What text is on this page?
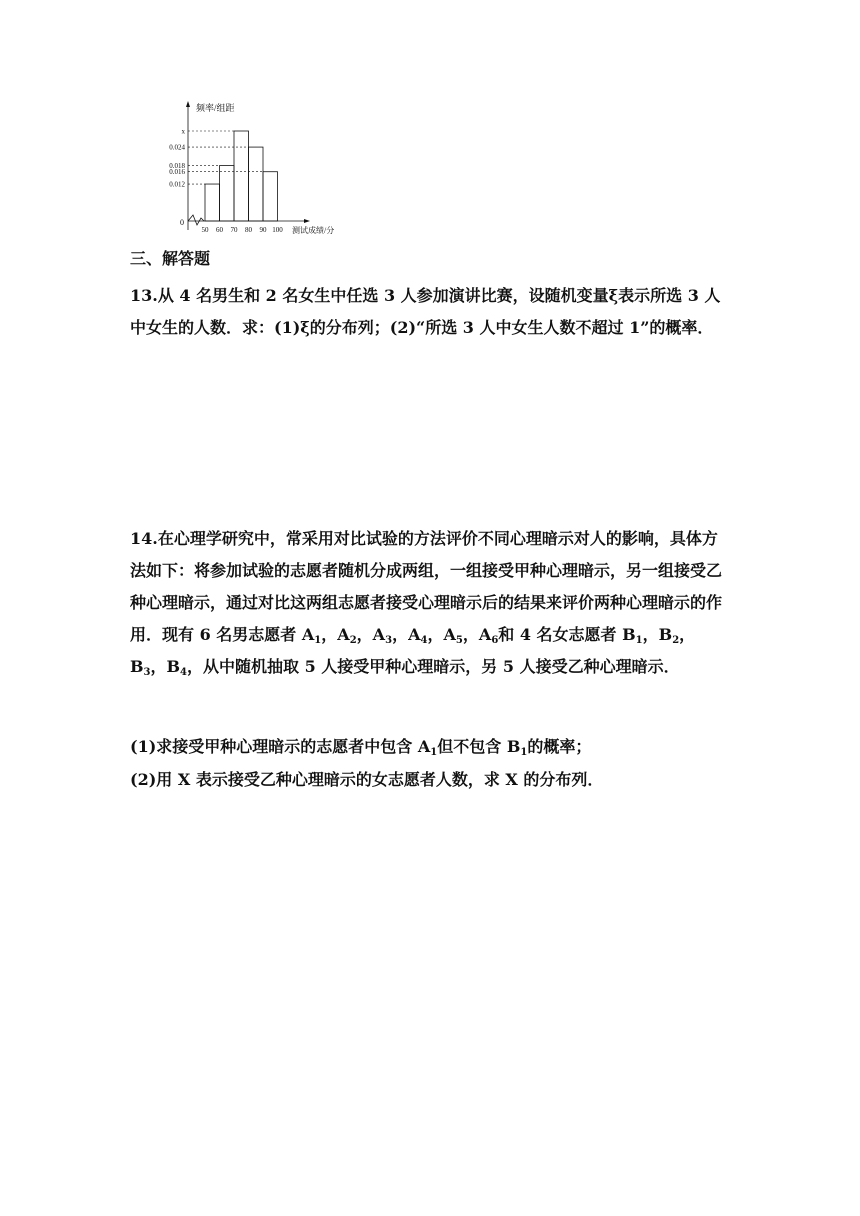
频率/组距
测试成绩/分
0
x
0.024
0.018
0.016
0.012
50 60 70 80 90 100
三、解答题

13.从 4 名男生和 2 名女生中任选 3 人参加演讲比赛，设随机变量ξ表示所选 3 人中女生的人数．求：(1)ξ的分布列；(2)“所选 3 人中女生人数不超过 1”的概率．

14.在心理学研究中，常采用对比试验的方法评价不同心理暗示对人的影响，具体方法如下：将参加试验的志愿者随机分成两组，一组接受甲种心理暗示，另一组接受乙种心理暗示，通过对比这两组志愿者接受心理暗示后的结果来评价两种心理暗示的作用．现有 6 名男志愿者 $A_1$，$A_2$，$A_3$，$A_4$，$A_5$，$A_6$和 4 名女志愿者 $B_1$，$B_2$，$B_3$，$B_4$，从中随机抽取 5 人接受甲种心理暗示，另 5 人接受乙种心理暗示．

(1)求接受甲种心理暗示的志愿者中包含 $A_1$但不包含 $B_1$的概率；

(2)用 X 表示接受乙种心理暗示的女志愿者人数，求 X 的分布列．
